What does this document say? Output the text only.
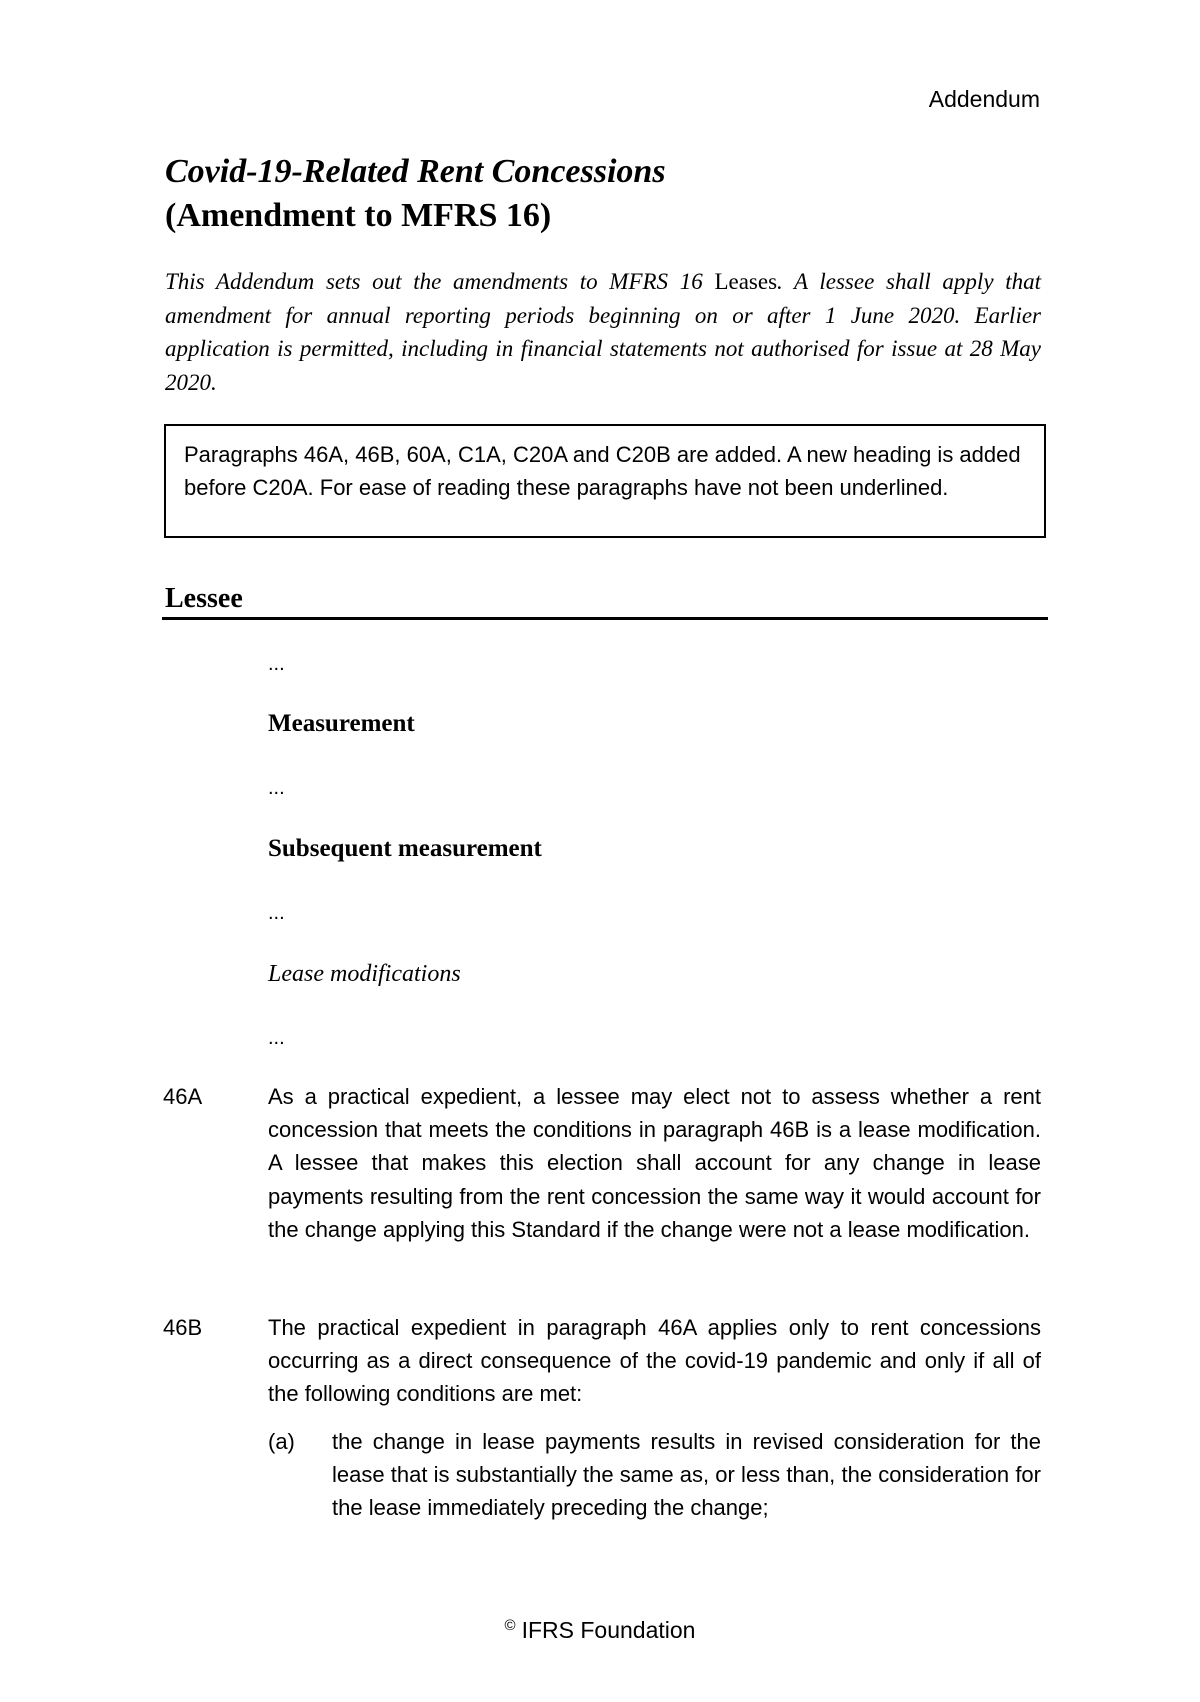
Addendum
Covid-19-Related Rent Concessions
(Amendment to MFRS 16)
This Addendum sets out the amendments to MFRS 16 Leases. A lessee shall apply that amendment for annual reporting periods beginning on or after 1 June 2020. Earlier application is permitted, including in financial statements not authorised for issue at 28 May 2020.
Paragraphs 46A, 46B, 60A, C1A, C20A and C20B are added. A new heading is added before C20A. For ease of reading these paragraphs have not been underlined.
Lessee
...
Measurement
...
Subsequent measurement
...
Lease modifications
...
46A	As a practical expedient, a lessee may elect not to assess whether a rent concession that meets the conditions in paragraph 46B is a lease modification. A lessee that makes this election shall account for any change in lease payments resulting from the rent concession the same way it would account for the change applying this Standard if the change were not a lease modification.
46B	The practical expedient in paragraph 46A applies only to rent concessions occurring as a direct consequence of the covid-19 pandemic and only if all of the following conditions are met:
(a) the change in lease payments results in revised consideration for the lease that is substantially the same as, or less than, the consideration for the lease immediately preceding the change;
© IFRS Foundation
